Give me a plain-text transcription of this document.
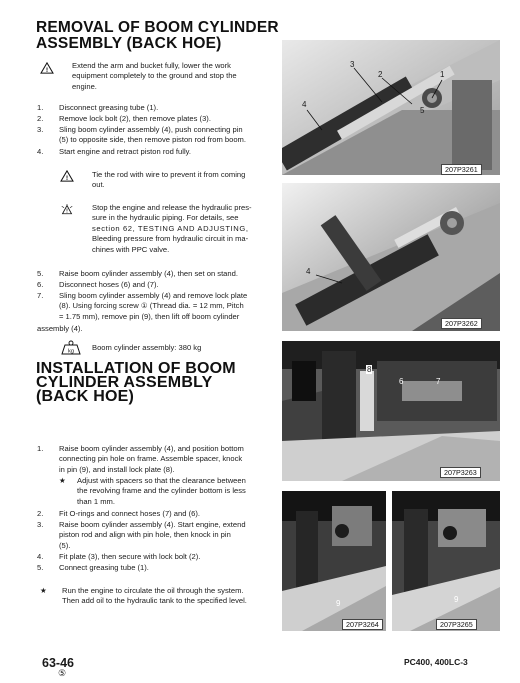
REMOVAL OF BOOM CYLINDER
ASSEMBLY (BACK HOE)
!
Extend the arm and bucket fully, lower the work
equipment completely to the ground and stop the
engine.
1.	Disconnect greasing tube (1).
2.	Remove lock bolt (2), then remove plates (3).
3.	Sling boom cylinder assembly (4), push connecting pin
(5) to opposite side, then remove piston rod from boom.
4.	Start engine and retract piston rod fully.
!	Tie the rod with wire to prevent it from coming
out.
!	Stop the engine and release the hydraulic pres-
sure in the hydraulic piping. For details, see
section 62, TESTING AND ADJUSTING,
Bleeding pressure from hydraulic circuit in ma-
chines with PPC valve.
5.	Raise boom cylinder assembly (4), then set on stand.
6.	Disconnect hoses (6) and (7).
7.	Sling boom cylinder assembly (4) and remove lock plate
(8). Using forcing screw ① (Thread dia. = 12 mm, Pitch
= 1.75 mm), remove pin (9), then lift off boom cylinder
assembly (4).
kg Boom cylinder assembly: 380 kg
INSTALLATION OF BOOM
CYLINDER ASSEMBLY
(BACK HOE)
1.	Raise boom cylinder assembly (4), and position bottom
connecting pin hole on frame. Assemble spacer, knock
in pin (9), and install lock plate (8).
★	Adjust with spacers so that the clearance between
the revolving frame and the cylinder bottom is less
than 1 mm.
2.	Fit O-rings and connect hoses (7) and (6).
3.	Raise boom cylinder assembly (4). Start engine, extend
piston rod and align with pin hole, then knock in pin
(5).
4.	Fit plate (3), then secure with lock bolt (2).
5.	Connect greasing tube (1).
★	Run the engine to circulate the oil through the system.
Then add oil to the hydraulic tank to the specified level.
3
2	1
4
5
207P3261
4
207P3262
8
6	7
207P3263
9
207P3264
9
207P3265
63-46
⑤
PC400, 400LC-3
